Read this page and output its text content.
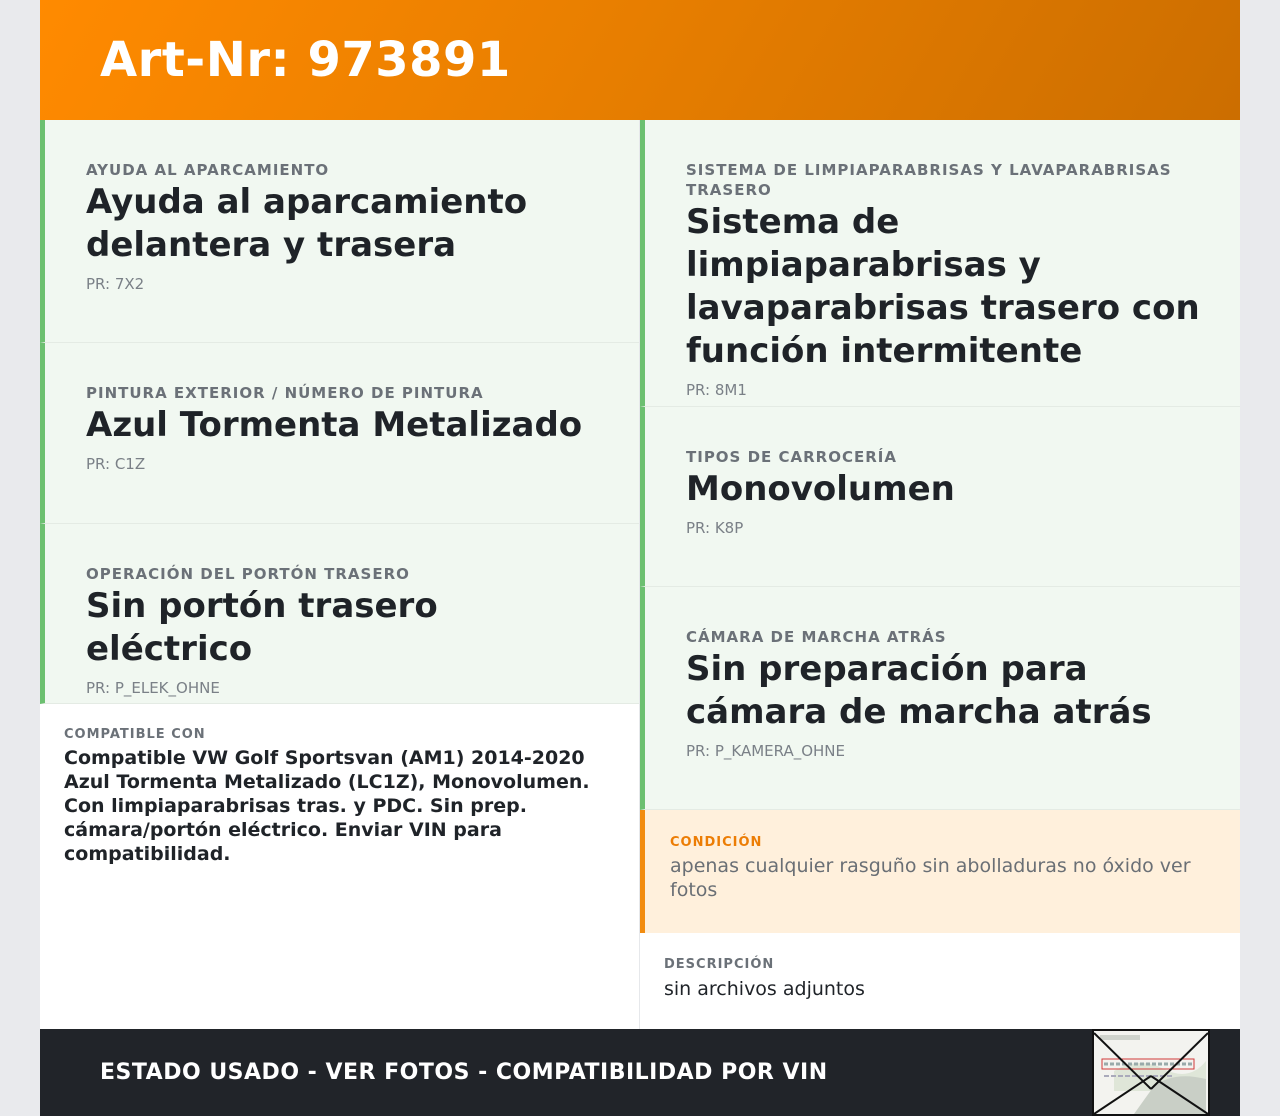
Art-Nr: 973891
AYUDA AL APARCAMIENTO
Ayuda al aparcamiento delantera y trasera
PR: 7X2
PINTURA EXTERIOR / NÚMERO DE PINTURA
Azul Tormenta Metalizado
PR: C1Z
OPERACIÓN DEL PORTÓN TRASERO
Sin portón trasero eléctrico
PR: P_ELEK_OHNE
COMPATIBLE CON
Compatible VW Golf Sportsvan (AM1) 2014-2020 Azul Tormenta Metalizado (LC1Z), Monovolumen. Con limpiaparabrisas tras. y PDC. Sin prep. cámara/portón eléctrico. Enviar VIN para compatibilidad.
SISTEMA DE LIMPIAPARABRISAS Y LAVAPARABRISAS TRASERO
Sistema de limpiaparabrisas y lavaparabrisas trasero con función intermitente
PR: 8M1
TIPOS DE CARROCERÍA
Monovolumen
PR: K8P
CÁMARA DE MARCHA ATRÁS
Sin preparación para cámara de marcha atrás
PR: P_KAMERA_OHNE
CONDICIÓN
apenas cualquier rasguño sin abolladuras no óxido ver fotos
DESCRIPCIÓN
sin archivos adjuntos
ESTADO USADO - VER FOTOS - COMPATIBILIDAD POR VIN
